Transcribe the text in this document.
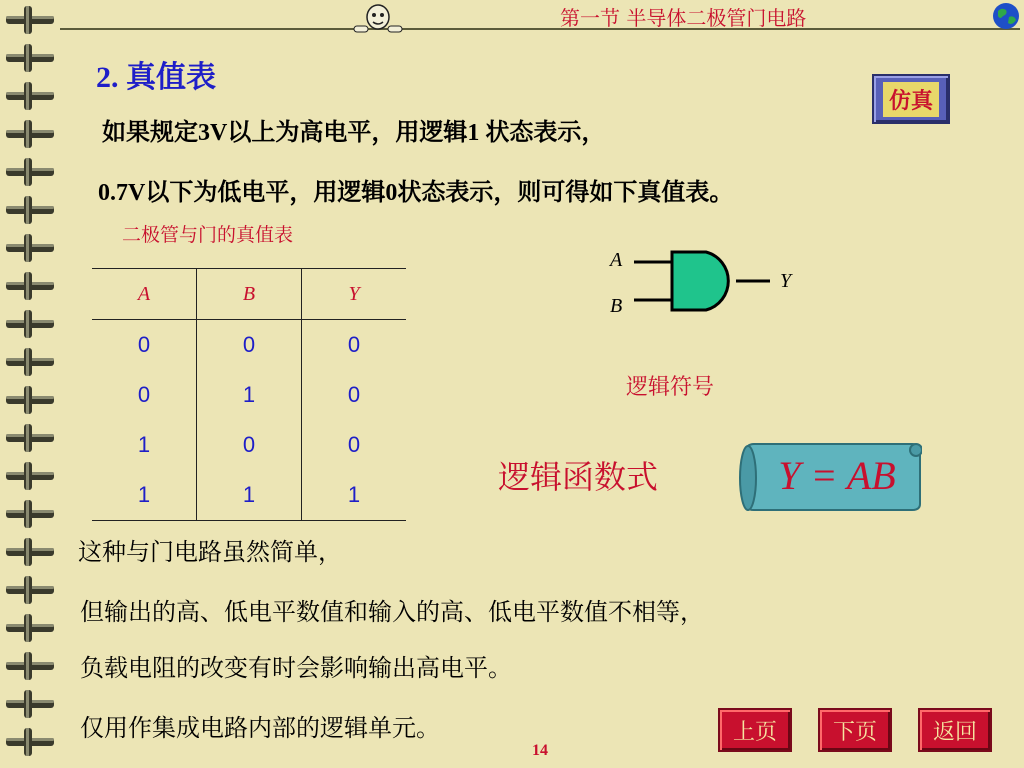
第一节 半导体二极管门电路
2. 真值表
如果规定3V以上为高电平，用逻辑1 状态表示，
0.7V以下为低电平，用逻辑0状态表示，则可得如下真值表。
仿真
二极管与门的真值表
A	B	Y
0	0	0
0	1	0
1	0	0
1	1	1
A
B
Y
逻辑符号
逻辑函数式	Y = AB
这种与门电路虽然简单，
但输出的高、低电平数值和输入的高、低电平数值不相等，
负载电阻的改变有时会影响输出高电平。
仅用作集成电路内部的逻辑单元。	上页	下页	返回
14
